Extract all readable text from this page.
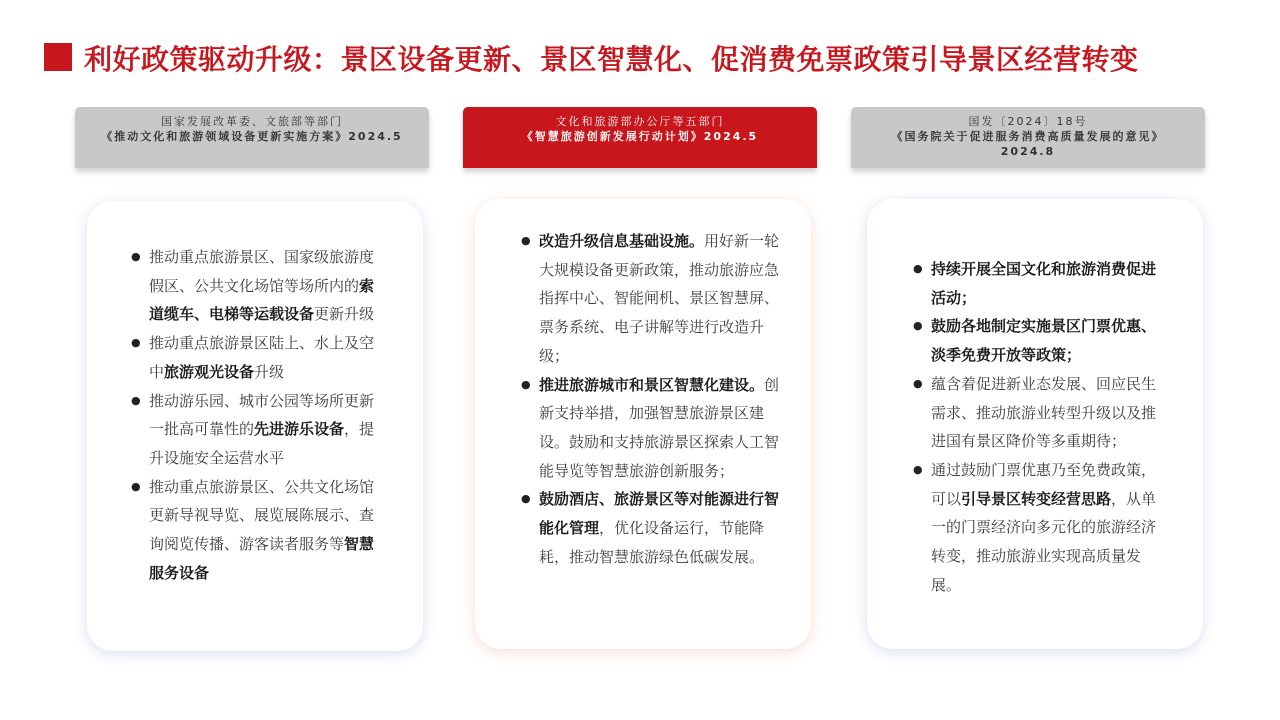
利好政策驱动升级：景区设备更新、景区智慧化、促消费免票政策引导景区经营转变
国家发展改革委、文旅部等部门
《推动文化和旅游领域设备更新实施方案》2024.5
文化和旅游部办公厅等五部门
《智慧旅游创新发展行动计划》2024.5
国发〔2024〕18号
《国务院关于促进服务消费高质量发展的意见》2024.8
● 推动重点旅游景区、国家级旅游度假区、公共文化场馆等场所内的索道缆车、电梯等运载设备更新升级
● 推动重点旅游景区陆上、水上及空中旅游观光设备升级
● 推动游乐园、城市公园等场所更新一批高可靠性的先进游乐设备，提升设施安全运营水平
● 推动重点旅游景区、公共文化场馆更新导视导览、展览展陈展示、查询阅览传播、游客读者服务等智慧服务设备
● 改造升级信息基础设施。用好新一轮大规模设备更新政策，推动旅游应急指挥中心、智能闸机、景区智慧屏、票务系统、电子讲解等进行改造升级；
● 推进旅游城市和景区智慧化建设。创新支持举措，加强智慧旅游景区建设。鼓励和支持旅游景区探索人工智能导览等智慧旅游创新服务；
● 鼓励酒店、旅游景区等对能源进行智能化管理，优化设备运行，节能降耗，推动智慧旅游绿色低碳发展。
● 持续开展全国文化和旅游消费促进活动；
● 鼓励各地制定实施景区门票优惠、淡季免费开放等政策；
● 蕴含着促进新业态发展、回应民生需求、推动旅游业转型升级以及推进国有景区降价等多重期待；
● 通过鼓励门票优惠乃至免费政策，可以引导景区转变经营思路，从单一的门票经济向多元化的旅游经济转变，推动旅游业实现高质量发展。
